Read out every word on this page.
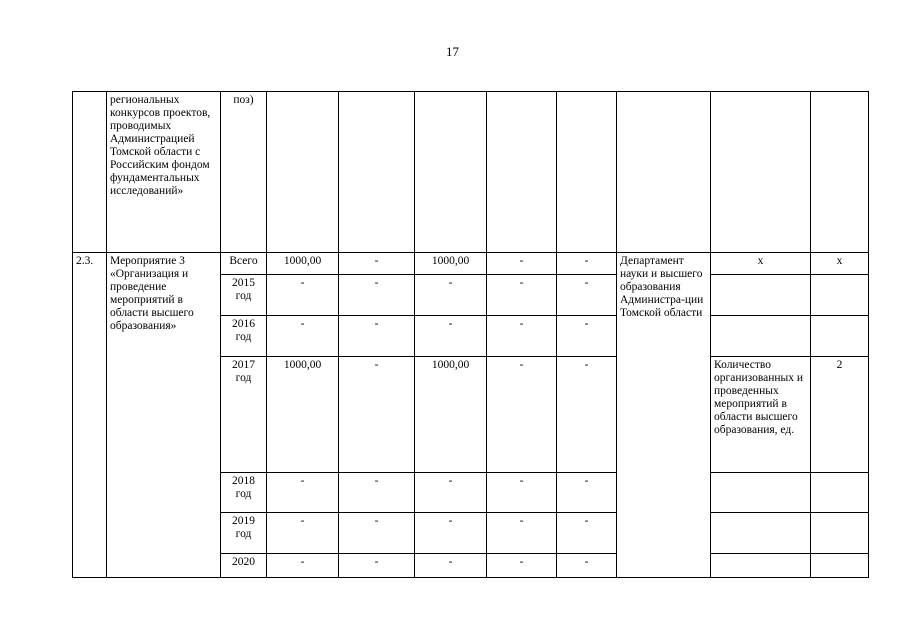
17
	региональных конкурсов проектов, проводимых Администрацией Томской области с Российским фондом фундаментальных исследований»	поз)								
2.3.	Мероприятие 3 «Организация и проведение мероприятий в области высшего образования»	Всего	1000,00	-	1000,00	-	-	Департамент науки и высшего образования Администра-ции Томской области	х	х
		2015 год	-	-	-	-	-			
		2016 год	-	-	-	-	-			
		2017 год	1000,00	-	1000,00	-	-		Количество организованных и проведенных мероприятий в области высшего образования, ед.	2
		2018 год	-	-	-	-	-			
		2019 год	-	-	-	-	-			
		2020	-	-	-	-	-			
